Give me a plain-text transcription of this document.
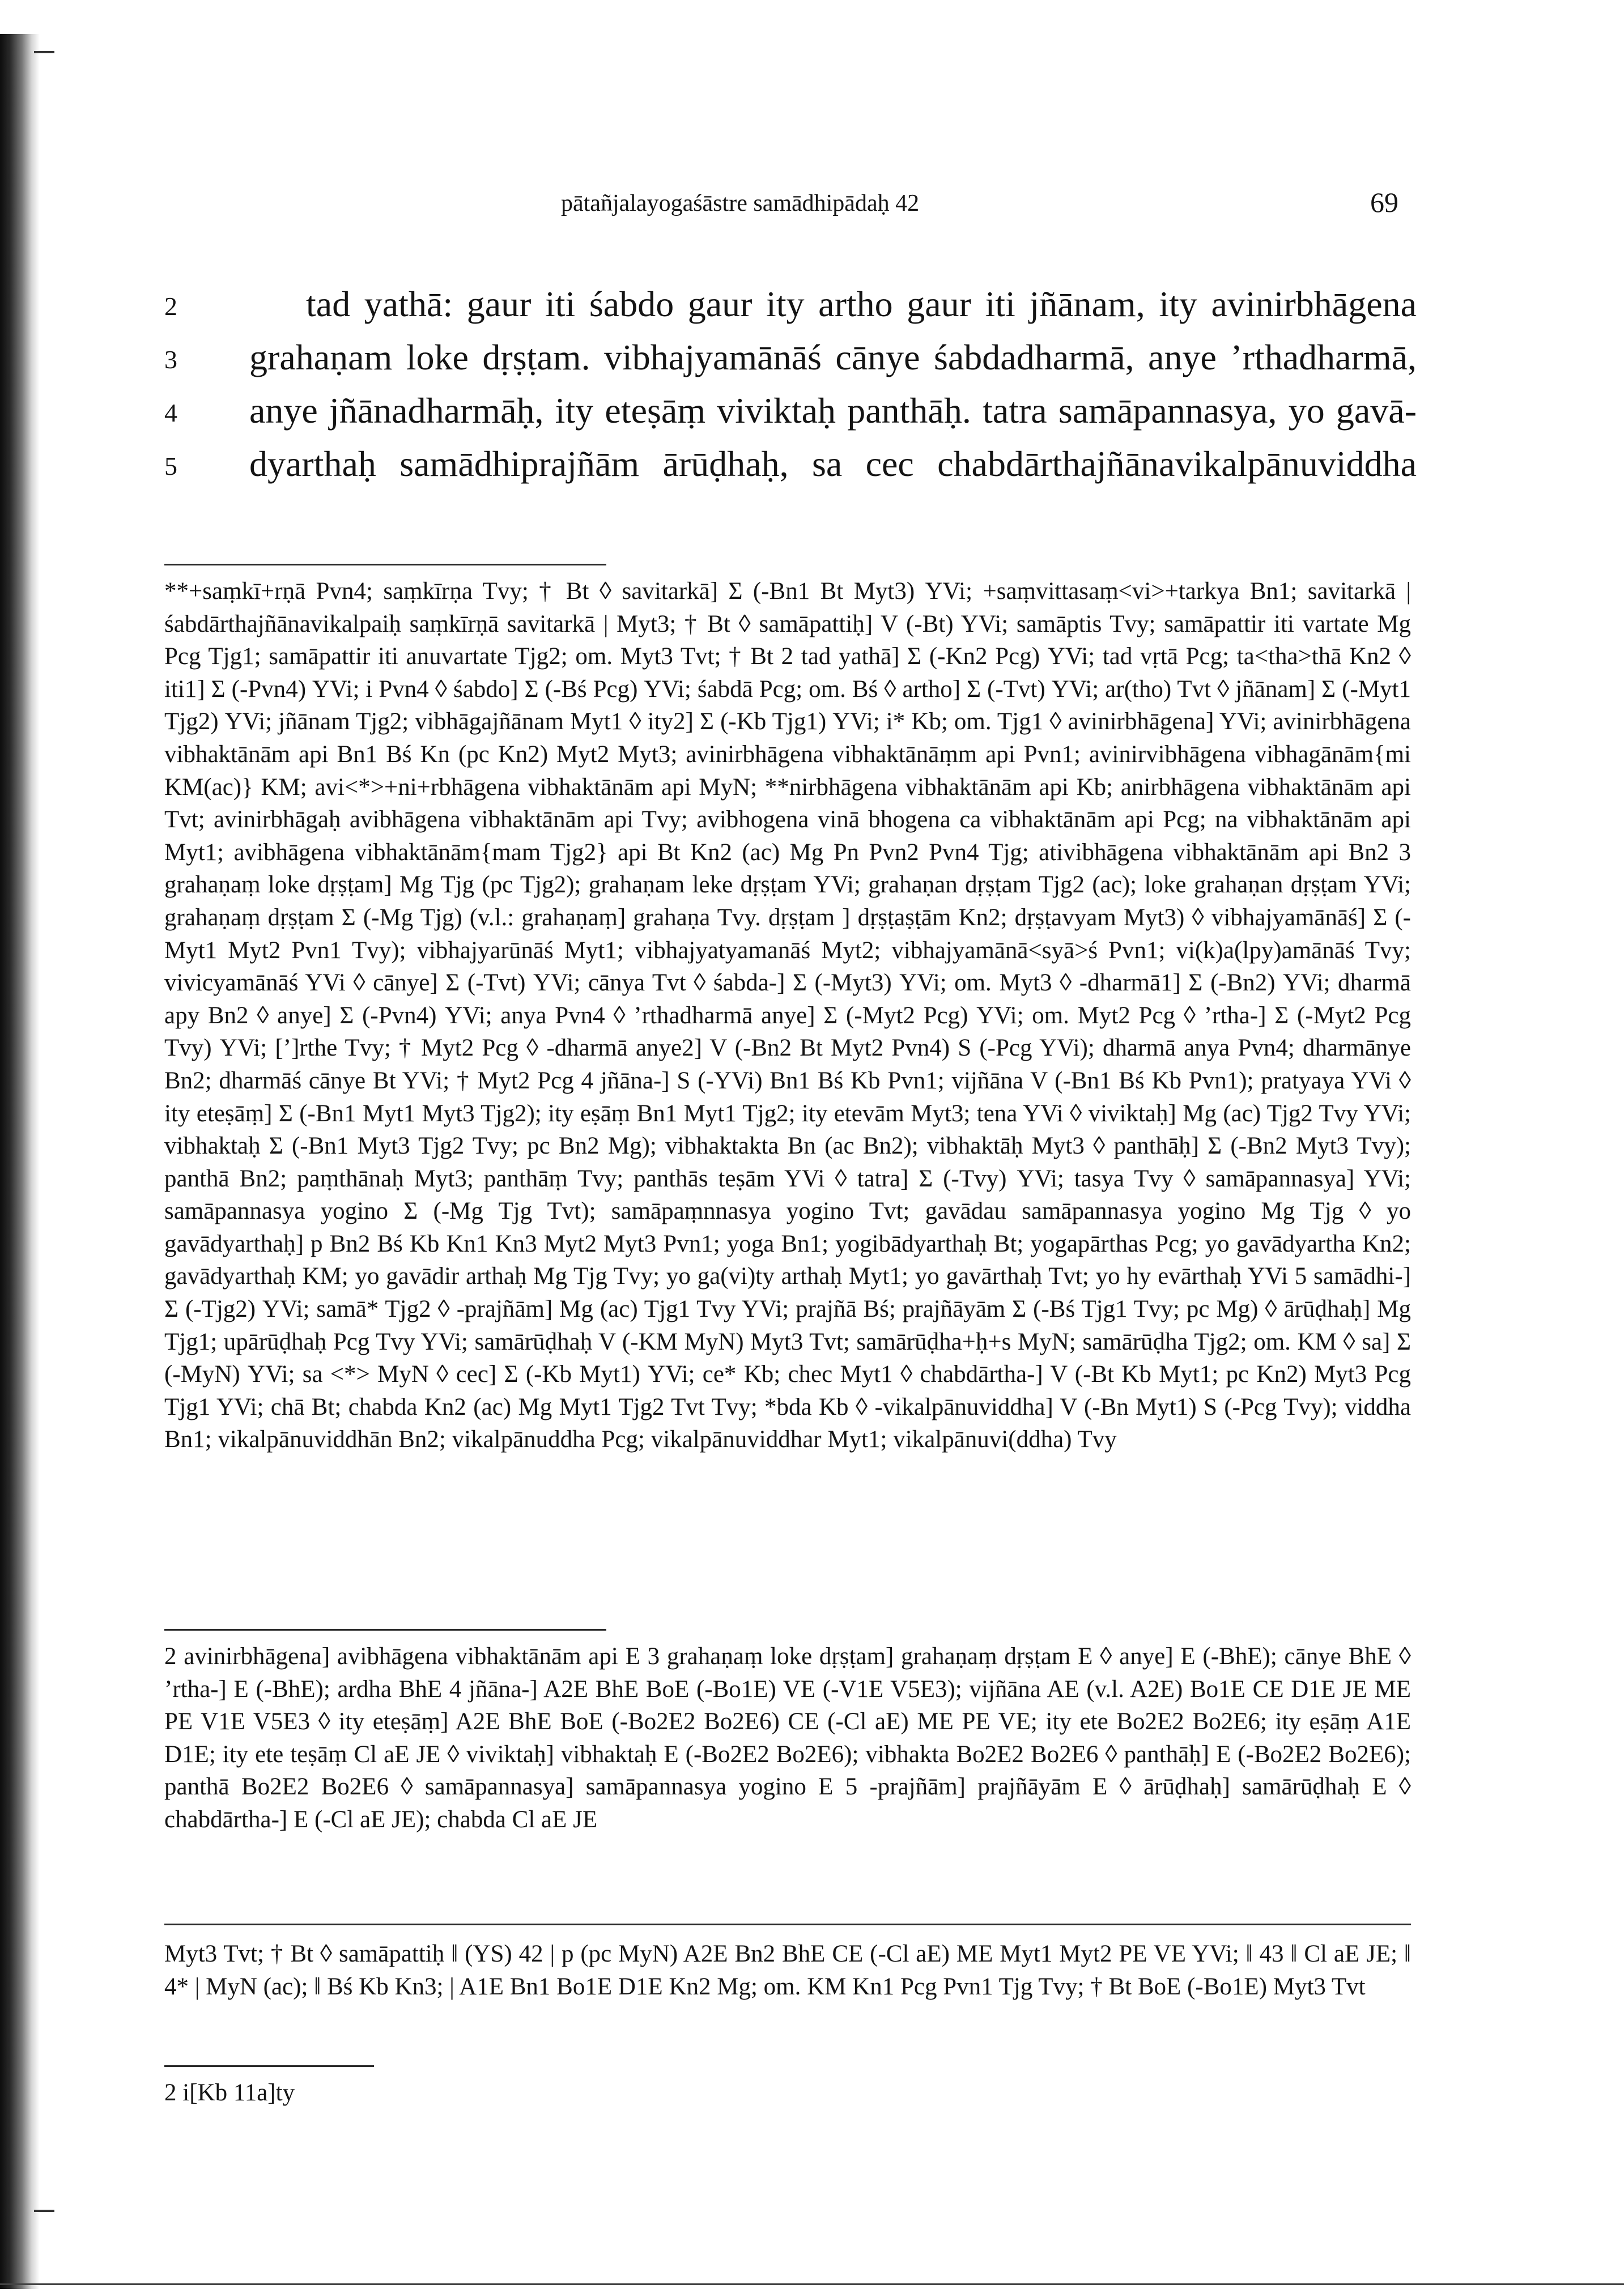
pātañjalayogaśāstre samādhipādaḥ 42	69
2	tad yathā: gaur iti śabdo gaur ity artho gaur iti jñānam, ity avinirbhāgena
3 grahaṇam loke dṛṣṭam. vibhajyamānāś cānye śabdadharmā, anye ’rthadharmā,
4 anye jñānadharmāḥ, ity eteṣāṃ viviktaḥ panthāḥ. tatra samāpannasya, yo gavā-
5 dyarthaḥ samādhiprajñām ārūḍhaḥ, sa cec chabdārthajñānavikalpānuviddha
**+saṃkī+rṇā Pvn4; saṃkīrṇa Tvy; † Bt ◊ savitarkā] Σ (-Bn1 Bt Myt3) YVi; +saṃvittasaṃ<vi>+tarkya Bn1; savitarkā | śabdārthajñānavikalpaiḥ saṃkīrṇā savitarkā | Myt3; † Bt ◊ samāpattiḥ] V (-Bt) YVi; samāptis Tvy; samāpattir iti vartate Mg Pcg Tjg1; samāpattir iti anuvartate Tjg2; om. Myt3 Tvt; † Bt 2 tad yathā] Σ (-Kn2 Pcg) YVi; tad vṛtā Pcg; ta<tha>thā Kn2 ◊ iti1] Σ (-Pvn4) YVi; i Pvn4 ◊ śabdo] Σ (-Bś Pcg) YVi; śabdā Pcg; om. Bś ◊ artho] Σ (-Tvt) YVi; ar(tho) Tvt ◊ jñānam] Σ (-Myt1 Tjg2) YVi; jñānam Tjg2; vibhāgajñānam Myt1 ◊ ity2] Σ (-Kb Tjg1) YVi; i* Kb; om. Tjg1 ◊ avinirbhāgena] YVi; avinirbhāgena vibhaktānām api Bn1 Bś Kn (pc Kn2) Myt2 Myt3; avinirbhāgena vibhaktānāṃm api Pvn1; avinirvibhāgena vibhagānām{mi KM(ac)} KM; avi<*>+ni+rbhāgena vibhaktānām api MyN; **nirbhāgena vibhaktānām api Kb; anirbhāgena vibhaktānām api Tvt; avinirbhāgaḥ avibhāgena vibhaktānām api Tvy; avibhogena vinā bhogena ca vibhaktānām api Pcg; na vibhaktānām api Myt1; avibhāgena vibhaktānām{mam Tjg2} api Bt Kn2 (ac) Mg Pn Pvn2 Pvn4 Tjg; ativibhāgena vibhaktānām api Bn2 3 grahaṇaṃ loke dṛṣṭam] Mg Tjg (pc Tjg2); grahaṇam leke dṛṣṭam YVi; grahaṇan dṛṣṭam Tjg2 (ac); loke grahaṇan dṛṣṭam YVi; grahaṇaṃ dṛṣṭam Σ (-Mg Tjg) (v.l.: grahaṇaṃ] grahaṇa Tvy. dṛṣṭam ] dṛṣṭaṣṭām Kn2; dṛṣṭavyam Myt3) ◊ vibhajyamānāś] Σ (-Myt1 Myt2 Pvn1 Tvy); vibhajyarūnāś Myt1; vibhajyatyamanāś Myt2; vibhajyamānā<syā>ś Pvn1; vi(k)a(lpy)amānāś Tvy; vivicyamānāś YVi ◊ cānye] Σ (-Tvt) YVi; cānya Tvt ◊ śabda-] Σ (-Myt3) YVi; om. Myt3 ◊ -dharmā1] Σ (-Bn2) YVi; dharmā apy Bn2 ◊ anye] Σ (-Pvn4) YVi; anya Pvn4 ◊ ’rthadharmā anye] Σ (-Myt2 Pcg) YVi; om. Myt2 Pcg ◊ ’rtha-] Σ (-Myt2 Pcg Tvy) YVi; [’]rthe Tvy; † Myt2 Pcg ◊ -dharmā anye2] V (-Bn2 Bt Myt2 Pvn4) S (-Pcg YVi); dharmā anya Pvn4; dharmānye Bn2; dharmāś cānye Bt YVi; † Myt2 Pcg 4 jñāna-] S (-YVi) Bn1 Bś Kb Pvn1; vijñāna V (-Bn1 Bś Kb Pvn1); pratyaya YVi ◊ ity eteṣāṃ] Σ (-Bn1 Myt1 Myt3 Tjg2); ity eṣāṃ Bn1 Myt1 Tjg2; ity etevām Myt3; tena YVi ◊ viviktaḥ] Mg (ac) Tjg2 Tvy YVi; vibhaktaḥ Σ (-Bn1 Myt3 Tjg2 Tvy; pc Bn2 Mg); vibhaktakta Bn (ac Bn2); vibhaktāḥ Myt3 ◊ panthāḥ] Σ (-Bn2 Myt3 Tvy); panthā Bn2; paṃthānaḥ Myt3; panthāṃ Tvy; panthās teṣām YVi ◊ tatra] Σ (-Tvy) YVi; tasya Tvy ◊ samāpannasya] YVi; samāpannasya yogino Σ (-Mg Tjg Tvt); samāpaṃnnasya yogino Tvt; gavādau samāpannasya yogino Mg Tjg ◊ yo gavādyarthaḥ] p Bn2 Bś Kb Kn1 Kn3 Myt2 Myt3 Pvn1; yoga Bn1; yogibādyarthaḥ Bt; yogapārthas Pcg; yo gavādyartha Kn2; gavādyarthaḥ KM; yo gavādir arthaḥ Mg Tjg Tvy; yo ga(vi)ty arthaḥ Myt1; yo gavārthaḥ Tvt; yo hy evārthaḥ YVi 5 samādhi-] Σ (-Tjg2) YVi; samā* Tjg2 ◊ -prajñām] Mg (ac) Tjg1 Tvy YVi; prajñā Bś; prajñāyām Σ (-Bś Tjg1 Tvy; pc Mg) ◊ ārūḍhaḥ] Mg Tjg1; upārūḍhaḥ Pcg Tvy YVi; samārūḍhaḥ V (-KM MyN) Myt3 Tvt; samārūḍha+ḥ+s MyN; samārūḍha Tjg2; om. KM ◊ sa] Σ (-MyN) YVi; sa <*> MyN ◊ cec] Σ (-Kb Myt1) YVi; ce* Kb; chec Myt1 ◊ chabdārtha-] V (-Bt Kb Myt1; pc Kn2) Myt3 Pcg Tjg1 YVi; chā Bt; chabda Kn2 (ac) Mg Myt1 Tjg2 Tvt Tvy; *bda Kb ◊ -vikalpānuviddha] V (-Bn Myt1) S (-Pcg Tvy); viddha Bn1; vikalpānuviddhān Bn2; vikalpānuddha Pcg; vikalpānuviddhar Myt1; vikalpānuvi(ddha) Tvy
2 avinirbhāgena] avibhāgena vibhaktānām api E 3 grahaṇaṃ loke dṛṣṭam] grahaṇaṃ dṛṣṭam E ◊ anye] E (-BhE); cānye BhE ◊ ’rtha-] E (-BhE); ardha BhE 4 jñāna-] A2E BhE BoE (-Bo1E) VE (-V1E V5E3); vijñāna AE (v.l. A2E) Bo1E CE D1E JE ME PE V1E V5E3 ◊ ity eteṣāṃ] A2E BhE BoE (-Bo2E2 Bo2E6) CE (-Cl aE) ME PE VE; ity ete Bo2E2 Bo2E6; ity eṣāṃ A1E D1E; ity ete teṣāṃ Cl aE JE ◊ viviktaḥ] vibhaktaḥ E (-Bo2E2 Bo2E6); vibhakta Bo2E2 Bo2E6 ◊ panthāḥ] E (-Bo2E2 Bo2E6); panthā Bo2E2 Bo2E6 ◊ samāpannasya] samāpannasya yogino E 5 -prajñām] prajñāyām E ◊ ārūḍhaḥ] samārūḍhaḥ E ◊ chabdārtha-] E (-Cl aE JE); chabda Cl aE JE
Myt3 Tvt; † Bt ◊ samāpattiḥ ‖ (YS) 42 | p (pc MyN) A2E Bn2 BhE CE (-Cl aE) ME Myt1 Myt2 PE VE YVi; ‖ 43 ‖ Cl aE JE; ‖ 4* | MyN (ac); ‖ Bś Kb Kn3; | A1E Bn1 Bo1E D1E Kn2 Mg; om. KM Kn1 Pcg Pvn1 Tjg Tvy; † Bt BoE (-Bo1E) Myt3 Tvt
2 i[Kb 11a]ty
